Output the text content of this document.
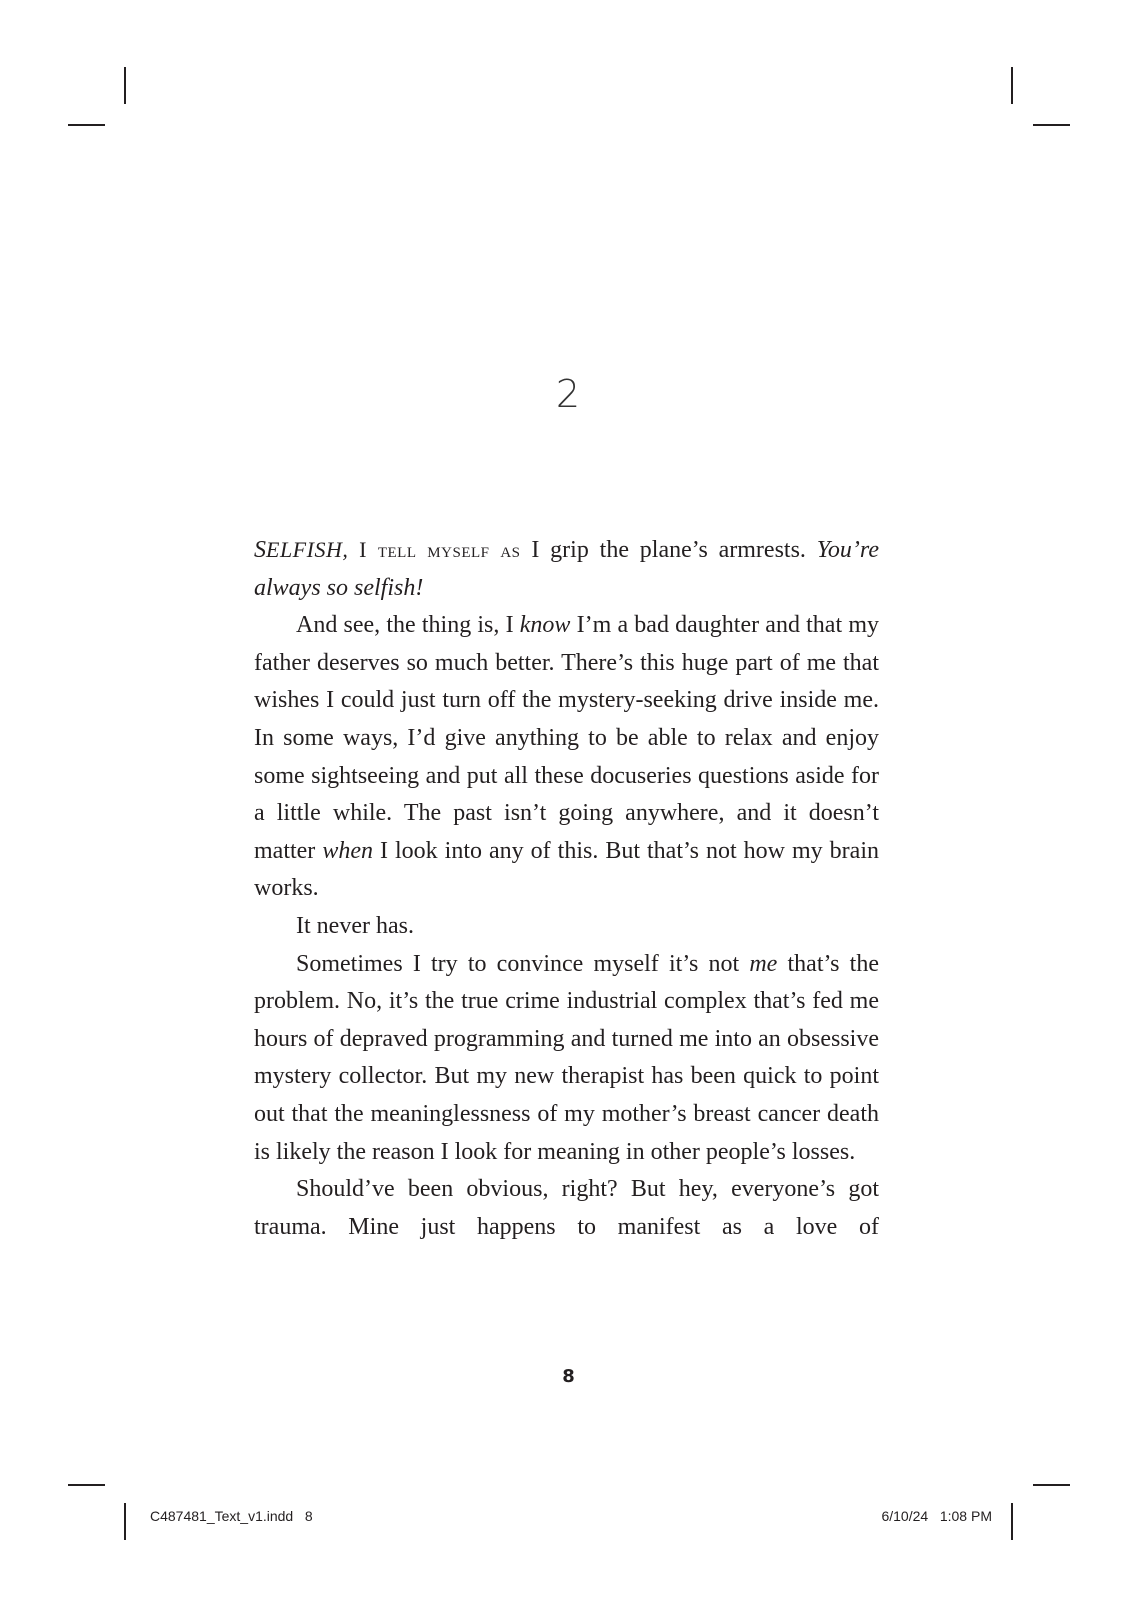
2

SELFISH, I tell myself as I grip the plane’s armrests. You’re always so selfish!

And see, the thing is, I know I’m a bad daughter and that my father deserves so much better. There’s this huge part of me that wishes I could just turn off the mystery-seeking drive inside me. In some ways, I’d give anything to be able to relax and enjoy some sightseeing and put all these docuseries questions aside for a little while. The past isn’t going anywhere, and it doesn’t matter when I look into any of this. But that’s not how my brain works.

It never has.

Sometimes I try to convince myself it’s not me that’s the problem. No, it’s the true crime industrial complex that’s fed me hours of depraved programming and turned me into an obsessive mystery collector. But my new therapist has been quick to point out that the meaninglessness of my mother’s breast cancer death is likely the reason I look for meaning in other people’s losses.

Should’ve been obvious, right? But hey, everyone’s got trauma. Mine just happens to manifest as a love of

8
C487481_Text_v1.indd   8	6/10/24   1:08 PM
